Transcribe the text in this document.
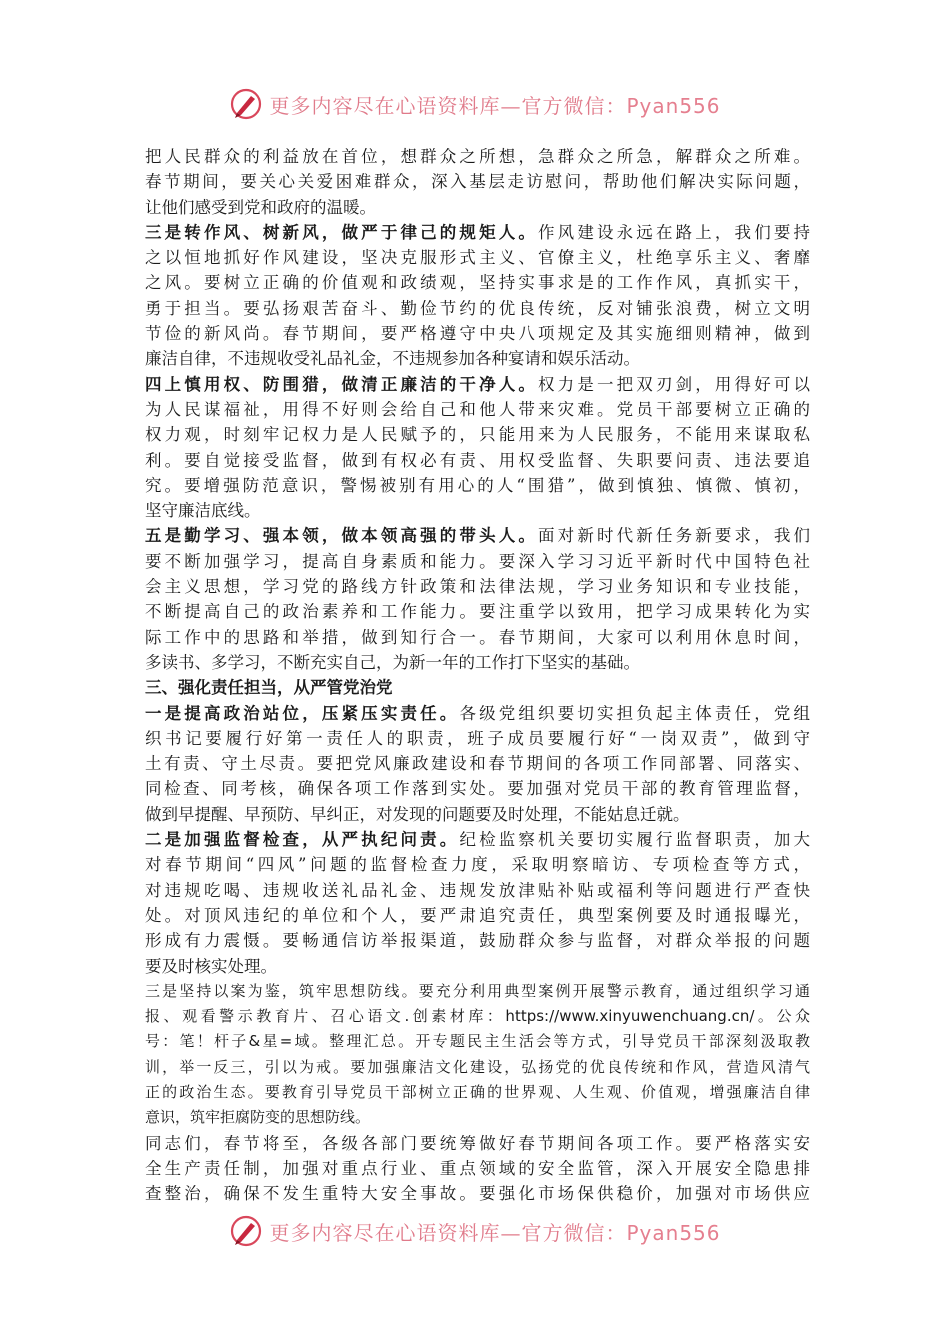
更多内容尽在心语资料库—官方微信：Pyan556
把人民群众的利益放在首位，想群众之所想，急群众之所急，解群众之所难。
春节期间，要关心关爱困难群众，深入基层走访慰问，帮助他们解决实际问题，
让他们感受到党和政府的温暖。
三是转作风、树新风，做严于律己的规矩人。作风建设永远在路上，我们要持
之以恒地抓好作风建设，坚决克服形式主义、官僚主义，杜绝享乐主义、奢靡
之风。要树立正确的价值观和政绩观，坚持实事求是的工作作风，真抓实干，
勇于担当。要弘扬艰苦奋斗、勤俭节约的优良传统，反对铺张浪费，树立文明
节俭的新风尚。春节期间，要严格遵守中央八项规定及其实施细则精神，做到
廉洁自律，不违规收受礼品礼金，不违规参加各种宴请和娱乐活动。
四上慎用权、防围猎，做清正廉洁的干净人。权力是一把双刃剑，用得好可以
为人民谋福祉，用得不好则会给自己和他人带来灾难。党员干部要树立正确的
权力观，时刻牢记权力是人民赋予的，只能用来为人民服务，不能用来谋取私
利。要自觉接受监督，做到有权必有责、用权受监督、失职要问责、违法要追
究。要增强防范意识，警惕被别有用心的人“围猎”，做到慎独、慎微、慎初，
坚守廉洁底线。
五是勤学习、强本领，做本领高强的带头人。面对新时代新任务新要求，我们
要不断加强学习，提高自身素质和能力。要深入学习习近平新时代中国特色社
会主义思想，学习党的路线方针政策和法律法规，学习业务知识和专业技能，
不断提高自己的政治素养和工作能力。要注重学以致用，把学习成果转化为实
际工作中的思路和举措，做到知行合一。春节期间，大家可以利用休息时间，
多读书、多学习，不断充实自己，为新一年的工作打下坚实的基础。
三、强化责任担当，从严管党治党
一是提高政治站位，压紧压实责任。各级党组织要切实担负起主体责任，党组
织书记要履行好第一责任人的职责，班子成员要履行好“一岗双责”，做到守
土有责、守土尽责。要把党风廉政建设和春节期间的各项工作同部署、同落实、
同检查、同考核，确保各项工作落到实处。要加强对党员干部的教育管理监督，
做到早提醒、早预防、早纠正，对发现的问题要及时处理，不能姑息迁就。
二是加强监督检查，从严执纪问责。纪检监察机关要切实履行监督职责，加大
对春节期间“四风”问题的监督检查力度，采取明察暗访、专项检查等方式，
对违规吃喝、违规收送礼品礼金、违规发放津贴补贴或福利等问题进行严查快
处。对顶风违纪的单位和个人，要严肃追究责任，典型案例要及时通报曝光，
形成有力震慑。要畅通信访举报渠道，鼓励群众参与监督，对群众举报的问题
要及时核实处理。
三是坚持以案为鉴，筑牢思想防线。要充分利用典型案例开展警示教育，通过组织学习通
报、观看警示教育片、召心语文.创素材库：https://www.xinyuwenchuang.cn/。公众
号：笔！杆子&星=域。整理汇总。开专题民主生活会等方式，引导党员干部深刻汲取教
训，举一反三，引以为戒。要加强廉洁文化建设，弘扬党的优良传统和作风，营造风清气
正的政治生态。要教育引导党员干部树立正确的世界观、人生观、价值观，增强廉洁自律
意识，筑牢拒腐防变的思想防线。
同志们，春节将至，各级各部门要统筹做好春节期间各项工作。要严格落实安
全生产责任制，加强对重点行业、重点领域的安全监管，深入开展安全隐患排
查整治，确保不发生重特大安全事故。要强化市场保供稳价，加强对市场供应
更多内容尽在心语资料库—官方微信：Pyan556
